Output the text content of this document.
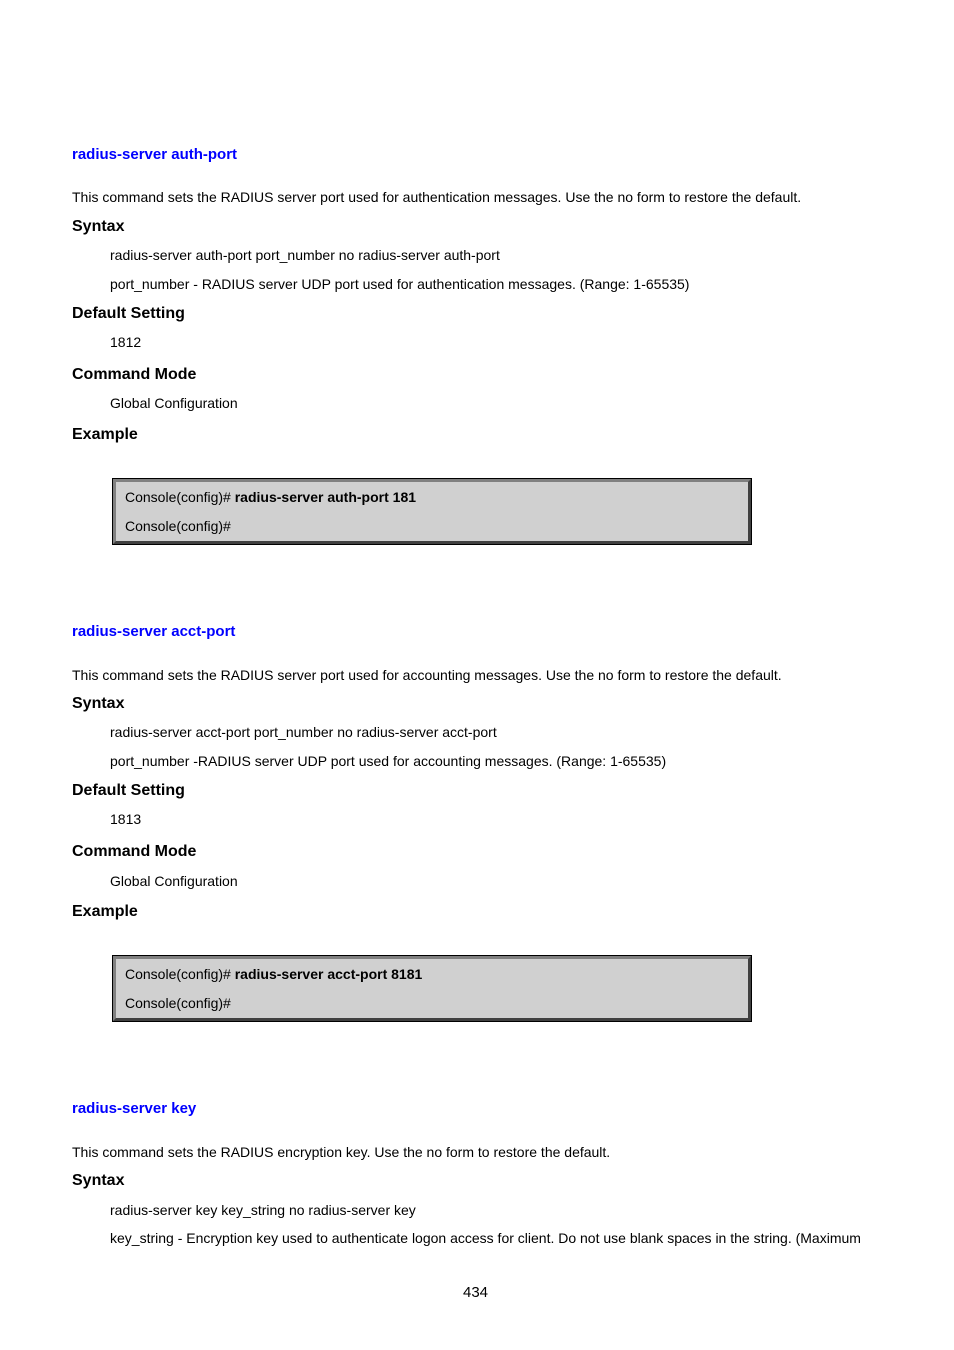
radius-server auth-port
This command sets the RADIUS server port used for authentication messages. Use the no form to restore the default.
Syntax
radius-server auth-port port_number no radius-server auth-port
port_number - RADIUS server UDP port used for authentication messages. (Range: 1-65535)
Default Setting
1812
Command Mode
Global Configuration
Example
Console(config)# radius-server auth-port 181
Console(config)#
radius-server acct-port
This command sets the RADIUS server port used for accounting messages. Use the no form to restore the default.
Syntax
radius-server acct-port port_number no radius-server acct-port
port_number -RADIUS server UDP port used for accounting messages. (Range: 1-65535)
Default Setting
1813
Command Mode
Global Configuration
Example
Console(config)# radius-server acct-port 8181
Console(config)#
radius-server key
This command sets the RADIUS encryption key. Use the no form to restore the default.
Syntax
radius-server key key_string no radius-server key
key_string - Encryption key used to authenticate logon access for client. Do not use blank spaces in the string. (Maximum
434
